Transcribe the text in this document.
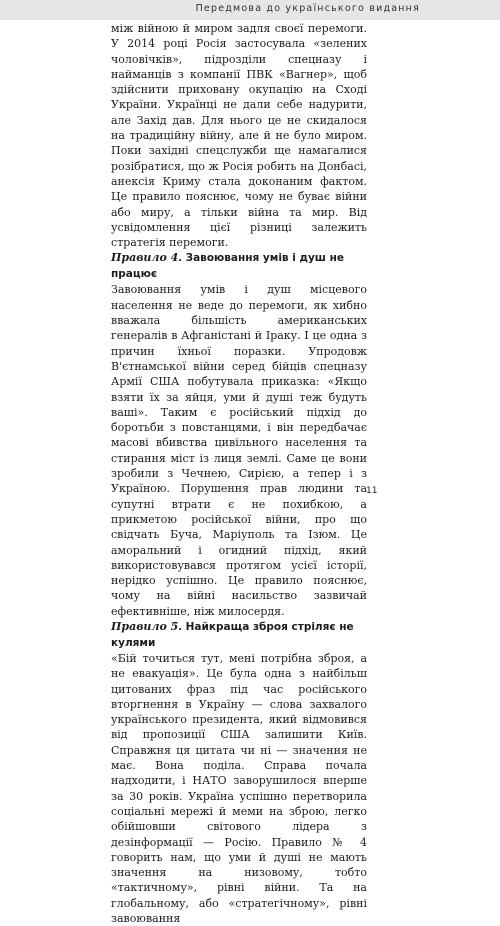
Передмова до українського видання

між війною й миром задля своєї перемоги. У 2014 році Росія застосувала «зелених чоловічків», підрозділи спецназу і найманців з компанії ПВК «Вагнер», щоб здійснити приховану окупацію на Сході України. Українці не дали себе надурити, але Захід дав. Для нього це не скидалося на традиційну війну, але й не було миром. Поки західні спецслужби ще намагалися розібратися, що ж Росія робить на Донбасі, анексія Криму стала доконаним фактом. Це правило пояснює, чому не буває війни або миру, а тільки війна та мир. Від усвідомлення цієї різниці залежить стратегія перемоги.

Правило 4. Завоювання умів і душ не працює

Завоювання умів і душ місцевого населення не веде до перемоги, як хибно вважала більшість американських генералів в Афганістані й Іраку. І це одна з причин їхньої поразки. Упродовж В'єтнамської війни серед бійців спецназу Армії США побутувала приказка: «Якщо взяти їх за яйця, уми й душі теж будуть ваші». Таким є російський підхід до боротьби з повстанцями, і він передбачає масові вбивства цивільного населення та стирання міст із лиця землі. Саме це вони зробили з Чечнею, Сирією, а тепер і з Україною. Порушення прав людини та супутні втрати є не похибкою, а прикметою російської війни, про що свідчать Буча, Маріуполь та Ізюм. Це аморальний і огидний підхід, який використовувався протягом усієї історії, нерідко успішно. Це правило пояснює, чому на війні насильство зазвичай ефективніше, ніж милосердя.

Правило 5. Найкраща зброя стріляє не кулями

«Бій точиться тут, мені потрібна зброя, а не евакуація». Це була одна з найбільш цитованих фраз під час російського вторгнення в Україну — слова захвалого українського президента, який відмовився від пропозиції США залишити Київ. Справжня ця цитата чи ні — значення не має. Вона поділа. Справа почала надходити, і НАТО заворушилося вперше за 30 років. Україна успішно перетворила соціальні мережі й меми на зброю, легко обійшовши світового лідера з дезінформації — Росію. Правило № 4 говорить нам, що уми й душі не мають значення на низовому, тобто «тактичному», рівні війни. Та на глобальному, або «стратегічному», рівні завоювання

11
